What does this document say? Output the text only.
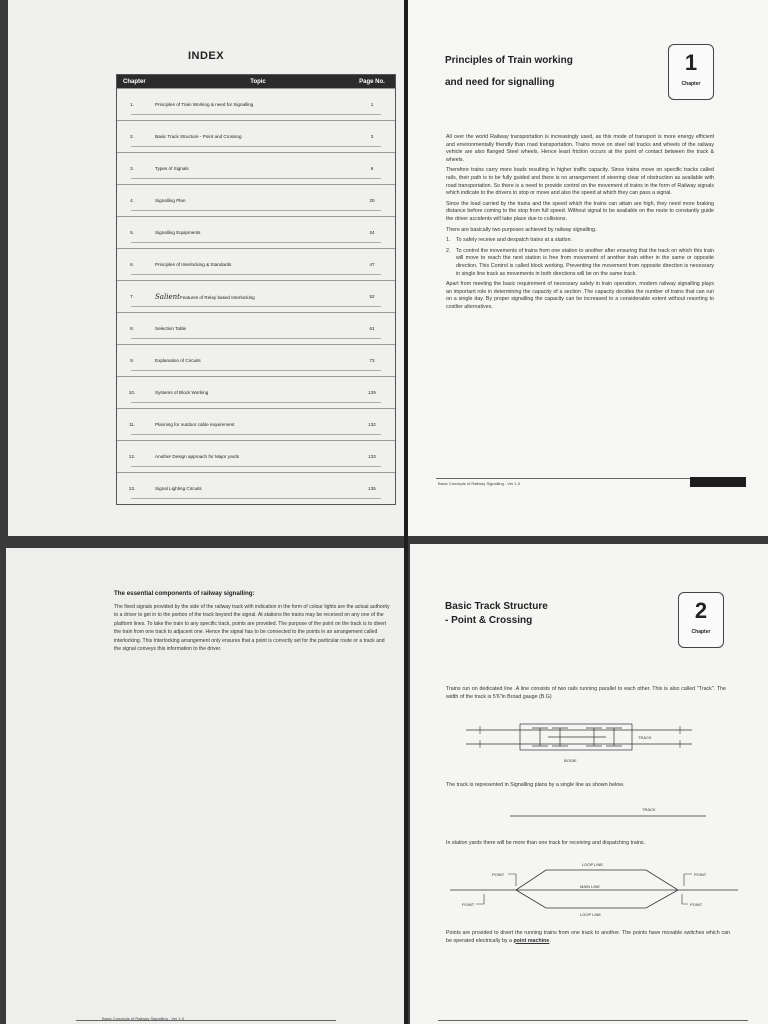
INDEX
Chapter	Topic	Page No.
1.	Principles of Train Working & need for Signalling	1
2.	Basic Track Structure - Point and Crossing	3
3.	Types of Signals	6
4.	Signalling Plan	20
5.	Signalling Equipments	24
6.	Principles of Interlocking & Standards	47
7.	SalientFeatures of Relay based Interlocking	52
8.	Selection Table	61
9.	Explanation of Circuits	73
10.	Systems of Block Working	129
11.	Planning for outdoor cable requirement	132
12.	Another Design approach for Major yards	133
13.	Signal Lighting Circuits	135
Principles of Train working
and need for signalling
1
Chapter
All over the world Railway transportation is increasingly used, as this mode of transport is more energy efficient and environmentally friendly than road transportation. Trains move on steel rail tracks and wheels of the railway vehicle are also flanged Steel wheels. Hence least friction occurs at the point of contact between the track & wheels.
Therefore trains carry more loads resulting in higher traffic capacity. Since trains move on specific tracks called rails, their path is to be fully guided and there is no arrangement of steering clear of obstruction as available with road transportation. So there is a need to provide control on the movement of trains in the form of Railway signals which indicate to the drivers to stop or move and also the speed at which they can pass a signal.
Since the load carried by the trains and the speed which the trains can attain are high, they need more braking distance before coming to the stop from full speed. Without signal to be available on the route to constantly guide the driver accidents will take place due to collisions.
There are basically two purposes achieved by railway signalling.
1. To safely receive and despatch trains at a station.
2. To control the movements of trains from one station to another after ensuring that the track on which this train will move to reach the next station is free from movement of another train either in the same or opposite direction. This Control is called block working. Preventing the movement from opposite direction is necessary in single line track as movements in both directions will be on the same track.
Apart from meeting the basic requirement of necessary safety in train operation, modern railway signalling plays an important role in determining the capacity of a section .The capacity decides the number of trains that can run on a single day. By proper signalling the capacity can be increased to a considerable extent without resorting to costlier alternatives.
Basic Concepts of Railway Signalling - Ver 1.0
Basic Concepts of Railway Signalling - Ver 1.0
The essential components of railway signalling:
The fixed signals provided by the side of the railway track with indication in the form of colour lights are the actual authority to a driver to get in to the portion of the track beyond the signal. At stations the trains may be received on any one of the platform lines. To take the train to any specific track, points are provided. The purpose of the point on the track is to divert the train from one track to adjacent one. Hence the signal has to be connected to the points in an arrangement called interlocking. This Interlocking arrangement only ensures that a point is correctly set for the particular route or a track and the signal conveys this information to the driver.
Basic Track Structure
- Point & Crossing	2
Chapter
Trains run on dedicated line .A line consists of two rails running parallel to each other. This is also called "Track". The width of the track is 5'6"in Broad gauge (B.G)
TRACK
BOGIE
The track is represented in Signalling plans by a single line as shown below.
TRACK
In station yards there will be more than one track for receiving and dispatching trains.
LOOP LINE
MAIN LINE
LOOP LINE
POINT	POINT
POINT	POINT
Points are provided to divert the running trains from one track to another. The points have movable switches which can be operated electrically by a point machine.
